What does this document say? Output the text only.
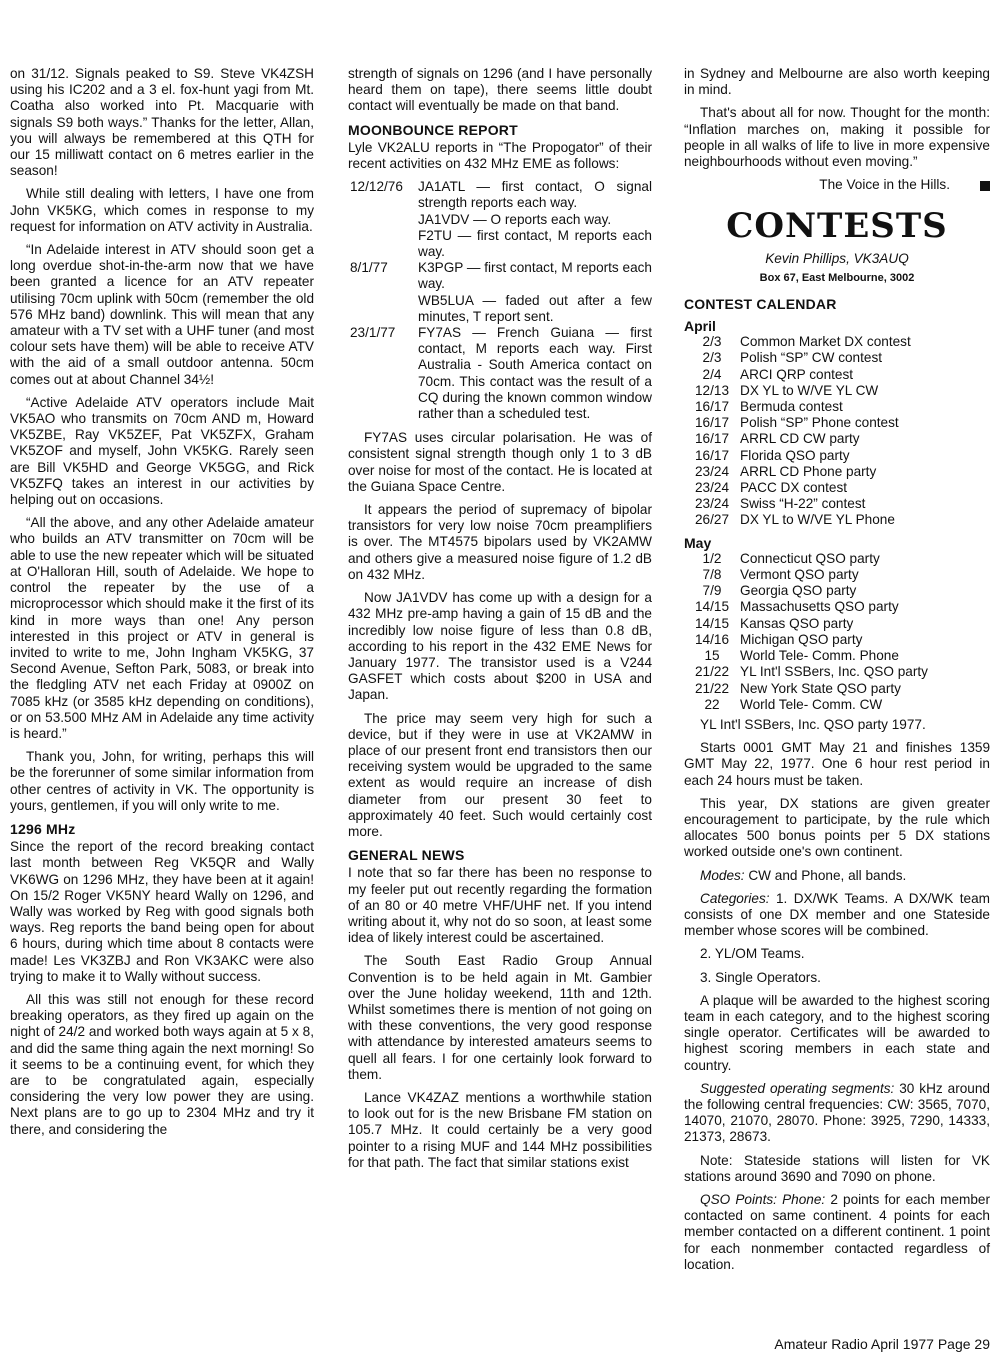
on 31/12. Signals peaked to S9. Steve VK4ZSH using his IC202 and a 3 el. fox-hunt yagi from Mt. Coatha also worked into Pt. Macquarie with signals S9 both ways.” Thanks for the letter, Allan, you will always be remembered at this QTH for our 15 milliwatt contact on 6 metres earlier in the season!

While still dealing with letters, I have one from John VK5KG, which comes in response to my request for information on ATV activity in Australia.

“In Adelaide interest in ATV should soon get a long overdue shot-in-the-arm now that we have been granted a licence for an ATV repeater utilising 70cm uplink with 50cm (remember the old 576 MHz band) downlink. This will mean that any amateur with a TV set with a UHF tuner (and most colour sets have them) will be able to receive ATV with the aid of a small outdoor antenna. 50cm comes out at about Channel 34½!

“Active Adelaide ATV operators include Mait VK5AO who transmits on 70cm AND m, Howard VK5ZBE, Ray VK5ZEF, Pat VK5ZFX, Graham VK5ZOF and myself, John VK5KG. Rarely seen are Bill VK5HD and George VK5GG, and Rick VK5ZFQ takes an interest in our activities by helping out on occasions.

“All the above, and any other Adelaide amateur who builds an ATV transmitter on 70cm will be able to use the new repeater which will be situated at O'Halloran Hill, south of Adelaide. We hope to control the repeater by the use of a microprocessor which should make it the first of its kind in more ways than one! Any person interested in this project or ATV in general is invited to write to me, John Ingham VK5KG, 37 Second Avenue, Sefton Park, 5083, or break into the fledgling ATV net each Friday at 0900Z on 7085 kHz (or 3585 kHz depending on conditions), or on 53.500 MHz AM in Adelaide any time activity is heard.”

Thank you, John, for writing, perhaps this will be the forerunner of some similar information from other centres of activity in VK. The opportunity is yours, gentlemen, if you will only write to me.

1296 MHz

Since the report of the record breaking contact last month between Reg VK5QR and Wally VK6WG on 1296 MHz, they have been at it again! On 15/2 Roger VK5NY heard Wally on 1296, and Wally was worked by Reg with good signals both ways. Reg reports the band being open for about 6 hours, during which time about 8 contacts were made! Les VK3ZBJ and Ron VK3AKC were also trying to make it to Wally without success.

All this was still not enough for these record breaking operators, as they fired up again on the night of 24/2 and worked both ways again at 5 x 8, and did the same thing again the next morning! So it seems to be a continuing event, for which they are to be congratulated again, especially considering the very low power they are using. Next plans are to go up to 2304 MHz and try it there, and considering the

strength of signals on 1296 (and I have personally heard them on tape), there seems little doubt contact will eventually be made on that band.

MOONBOUNCE REPORT

Lyle VK2ALU reports in “The Propogator” of their recent activities on 432 MHz EME as follows:

12/12/76	JA1ATL — first contact, O signal strength reports each way.
JA1VDV — O reports each way.
F2TU — first contact, M reports each way.

8/1/77	K3PGP — first contact, M reports each way.
WB5LUA — faded out after a few minutes, T report sent.

23/1/77	FY7AS — French Guiana — first contact, M reports each way. First Australia - South America contact on 70cm. This contact was the result of a CQ during the known common window rather than a scheduled test.

FY7AS uses circular polarisation. He was of consistent signal strength though only 1 to 3 dB over noise for most of the contact. He is located at the Guiana Space Centre.

It appears the period of supremacy of bipolar transistors for very low noise 70cm preamplifiers is over. The MT4575 bipolars used by VK2AMW and others give a measured noise figure of 1.2 dB on 432 MHz.

Now JA1VDV has come up with a design for a 432 MHz pre-amp having a gain of 15 dB and the incredibly low noise figure of less than 0.8 dB, according to his report in the 432 EME News for January 1977. The transistor used is a V244 GASFET which costs about $200 in USA and Japan.

The price may seem very high for such a device, but if they were in use at VK2AMW in place of our present front end transistors then our receiving system would be upgraded to the same extent as would require an increase of dish diameter from our present 30 feet to approximately 40 feet. Such would certainly cost more.

GENERAL NEWS

I note that so far there has been no response to my feeler put out recently regarding the formation of an 80 or 40 metre VHF/UHF net. If you intend writing about it, why not do so soon, at least some idea of likely interest could be ascertained.

The South East Radio Group Annual Convention is to be held again in Mt. Gambier over the June holiday weekend, 11th and 12th. Whilst sometimes there is mention of not going on with these conventions, the very good response with attendance by interested amateurs seems to quell all fears. I for one certainly look forward to them.

Lance VK4ZAZ mentions a worthwhile station to look out for is the new Brisbane FM station on 105.7 MHz. It could certainly be a very good pointer to a rising MUF and 144 MHz possibilities for that path. The fact that similar stations exist

in Sydney and Melbourne are also worth keeping in mind.

That's about all for now. Thought for the month: “Inflation marches on, making it possible for people in all walks of life to live in more expensive neighbourhoods without even moving.”

The Voice in the Hills.

CONTESTS
Kevin Phillips, VK3AUQ
Box 67, East Melbourne, 3002
CONTEST CALENDAR
April
2/3	Common Market DX contest
2/3	Polish “SP” CW contest
2/4	ARCI QRP contest
12/13	DX YL to W/VE YL CW
16/17	Bermuda contest
16/17	Polish “SP” Phone contest
16/17	ARRL CD CW party
16/17	Florida QSO party
23/24	ARRL CD Phone party
23/24	PACC DX contest
23/24	Swiss “H-22” contest
26/27	DX YL to W/VE YL Phone
May
1/2	Connecticut QSO party
7/8	Vermont QSO party
7/9	Georgia QSO party
14/15	Massachusetts QSO party
14/15	Kansas QSO party
14/16	Michigan QSO party
15	World Tele- Comm. Phone
21/22	YL Int'l SSBers, Inc. QSO party
21/22	New York State QSO party
22	World Tele- Comm. CW

YL Int'l SSBers, Inc. QSO party 1977.

Starts 0001 GMT May 21 and finishes 1359 GMT May 22, 1977. One 6 hour rest period in each 24 hours must be taken.

This year, DX stations are given greater encouragement to participate, by the rule which allocates 500 bonus points per 5 DX stations worked outside one's own continent.

Modes: CW and Phone, all bands.

Categories: 1. DX/WK Teams. A DX/WK team consists of one DX member and one Stateside member whose scores will be combined.

2. YL/OM Teams.

3. Single Operators.

A plaque will be awarded to the highest scoring team in each category, and to the highest scoring single operator. Certificates will be awarded to highest scoring members in each state and country.

Suggested operating segments: 30 kHz around the following central frequencies: CW: 3565, 7070, 14070, 21070, 28070. Phone: 3925, 7290, 14333, 21373, 28673.

Note: Stateside stations will listen for VK stations around 3690 and 7090 on phone.

QSO Points: Phone: 2 points for each member contacted on same continent. 4 points for each member contacted on a different continent. 1 point for each nonmember contacted regardless of location.

Amateur Radio April 1977 Page 29
